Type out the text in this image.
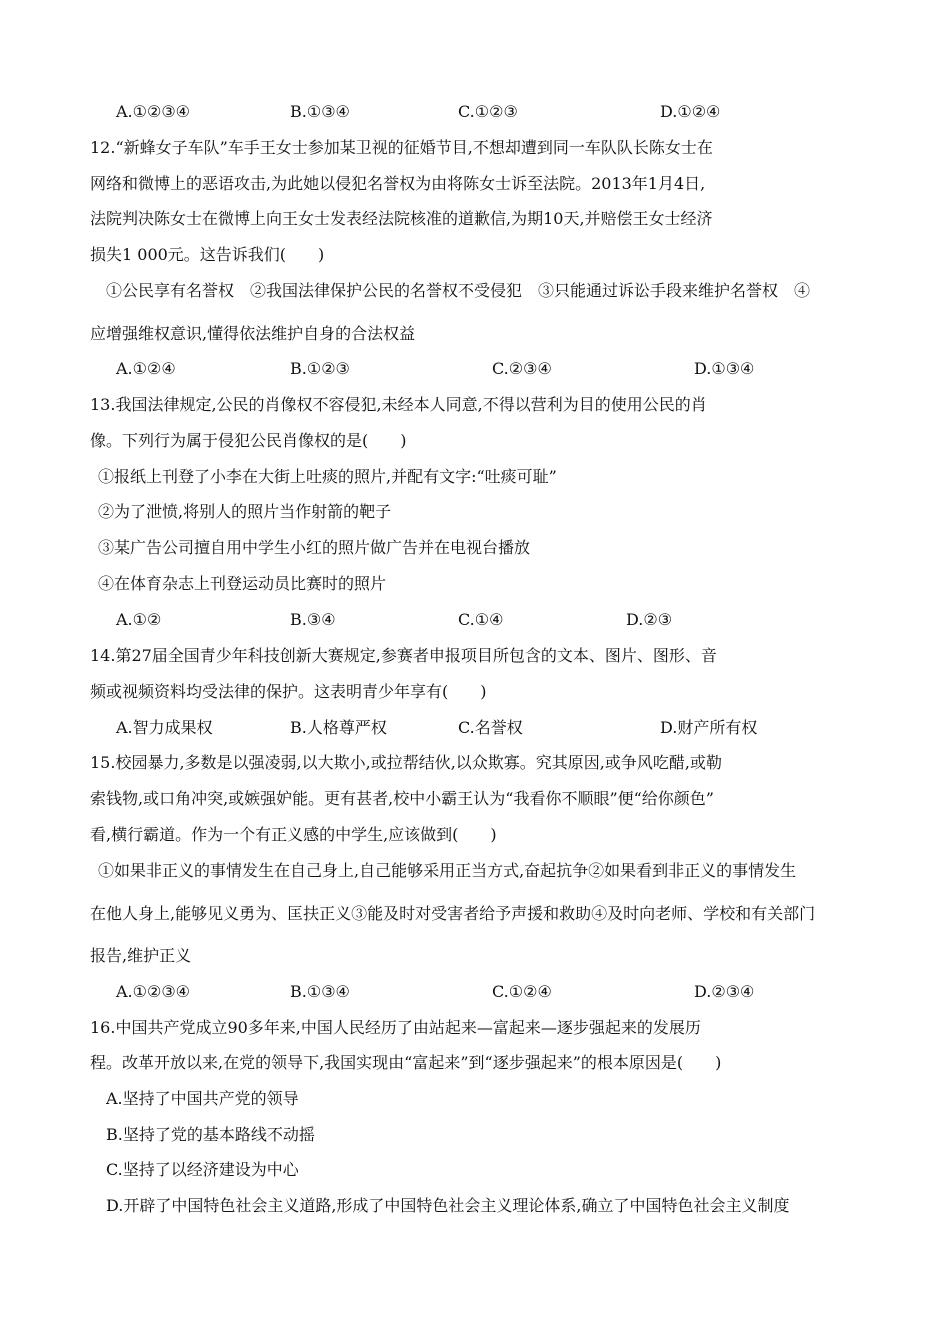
A.①②③④	B.①③④	C.①②③	D.①②④
12.“新蜂女子车队”车手王女士参加某卫视的征婚节目,不想却遭到同一车队队长陈女士在
网络和微博上的恶语攻击,为此她以侵犯名誉权为由将陈女士诉至法院。2013年1月4日,
法院判决陈女士在微博上向王女士发表经法院核准的道歉信,为期10天,并赔偿王女士经济
损失1 000元。这告诉我们(　　)
①公民享有名誉权　②我国法律保护公民的名誉权不受侵犯　③只能通过诉讼手段来维护名誉权　④
应增强维权意识,懂得依法维护自身的合法权益
A.①②④	B.①②③	C.②③④	D.①③④
13.我国法律规定,公民的肖像权不容侵犯,未经本人同意,不得以营利为目的使用公民的肖
像。下列行为属于侵犯公民肖像权的是(　　)
①报纸上刊登了小李在大街上吐痰的照片,并配有文字:“吐痰可耻”
②为了泄愤,将别人的照片当作射箭的靶子
③某广告公司擅自用中学生小红的照片做广告并在电视台播放
④在体育杂志上刊登运动员比赛时的照片
A.①②	B.③④	C.①④	D.②③
14.第27届全国青少年科技创新大赛规定,参赛者申报项目所包含的文本、图片、图形、音
频或视频资料均受法律的保护。这表明青少年享有(　　)
A.智力成果权	B.人格尊严权	C.名誉权	D.财产所有权
15.校园暴力,多数是以强凌弱,以大欺小,或拉帮结伙,以众欺寡。究其原因,或争风吃醋,或勒
索钱物,或口角冲突,或嫉强妒能。更有甚者,校中小霸王认为“我看你不顺眼”便“给你颜色”
看,横行霸道。作为一个有正义感的中学生,应该做到(　　)
①如果非正义的事情发生在自己身上,自己能够采用正当方式,奋起抗争②如果看到非正义的事情发生
在他人身上,能够见义勇为、匡扶正义③能及时对受害者给予声援和救助④及时向老师、学校和有关部门
报告,维护正义
A.①②③④	B.①③④	C.①②④	D.②③④
16.中国共产党成立90多年来,中国人民经历了由站起来—富起来—逐步强起来的发展历
程。改革开放以来,在党的领导下,我国实现由“富起来”到“逐步强起来”的根本原因是(　　)
A.坚持了中国共产党的领导
B.坚持了党的基本路线不动摇
C.坚持了以经济建设为中心
D.开辟了中国特色社会主义道路,形成了中国特色社会主义理论体系,确立了中国特色社会主义制度
